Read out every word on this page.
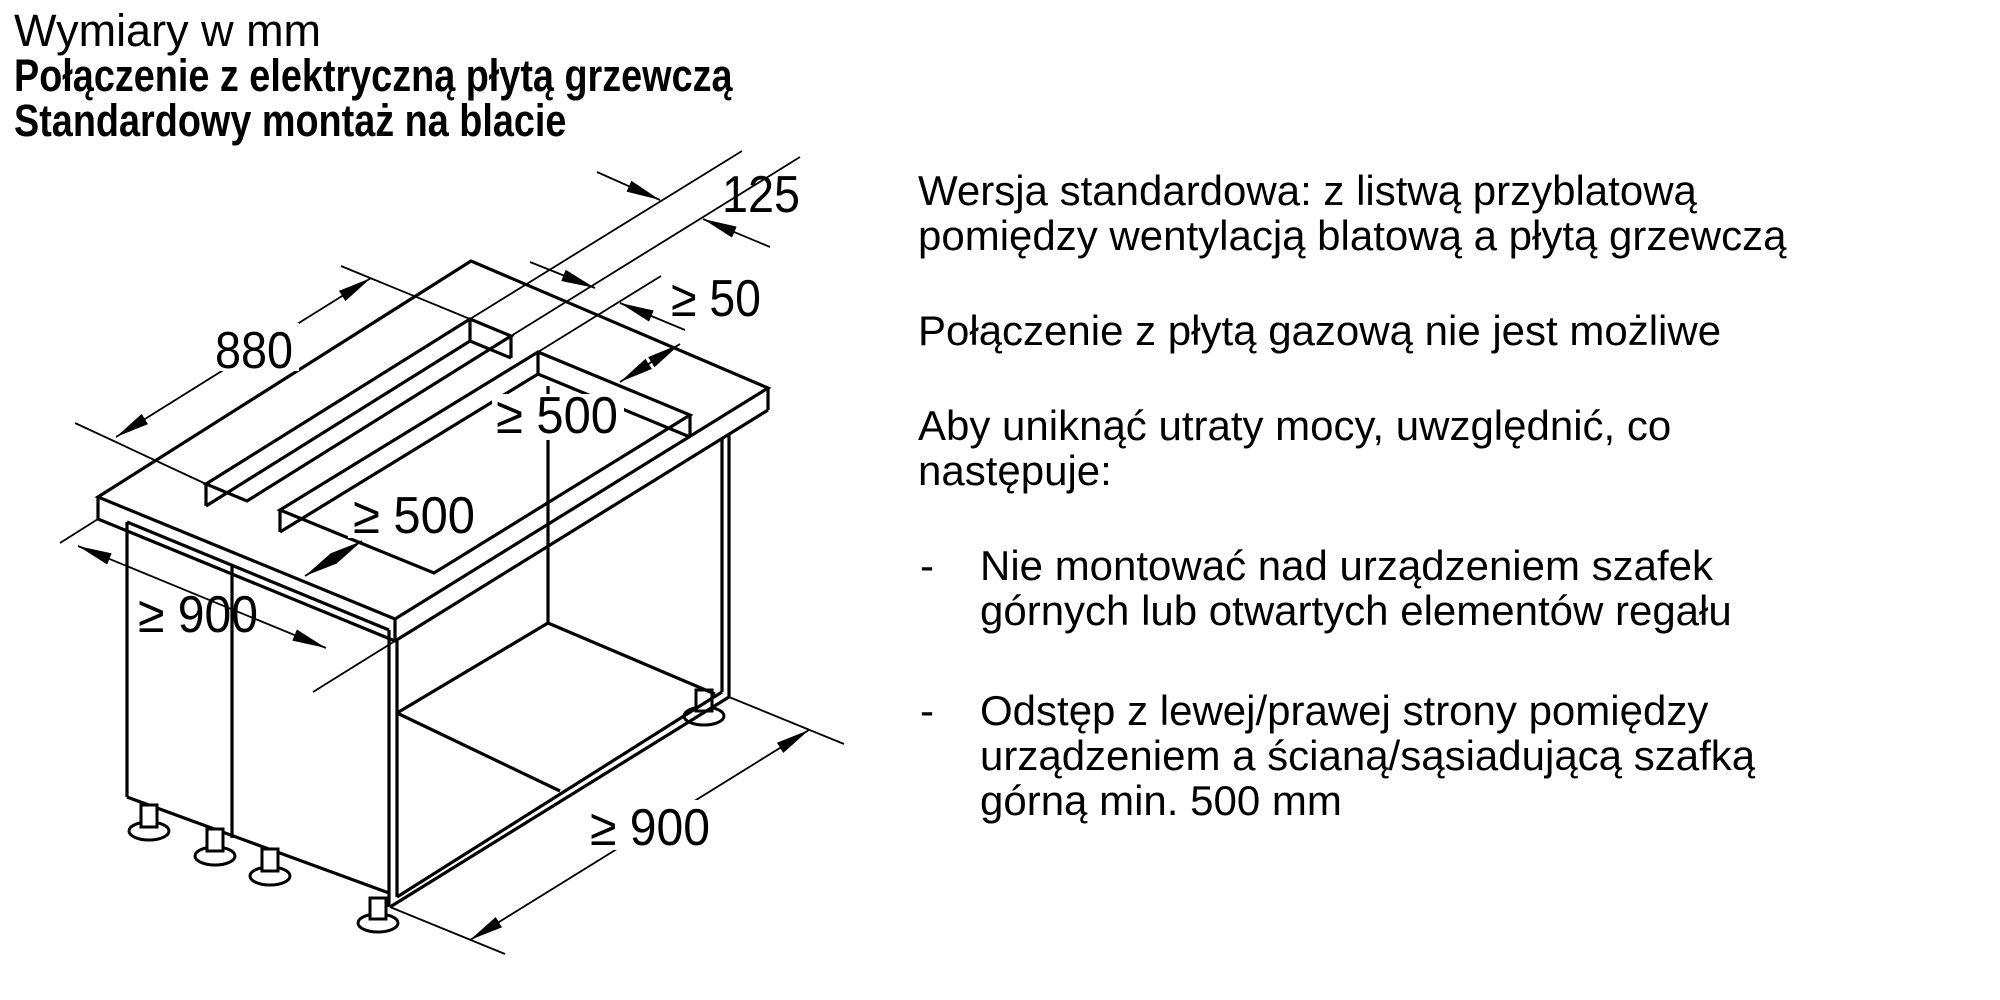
880
125
≥ 50
≥ 500
≥ 500
≥ 900
≥ 900
Wymiary w mm
Połączenie z elektryczną płytą grzewczą
Standardowy montaż na blacie
Wersja standardowa: z listwą przyblatową
pomiędzy wentylacją blatową a płytą grzewczą
Połączenie z płytą gazową nie jest możliwe
Aby uniknąć utraty mocy, uwzględnić, co
następuje:
- Nie montować nad urządzeniem szafek
górnych lub otwartych elementów regału
- Odstęp z lewej/prawej strony pomiędzy
urządzeniem a ścianą/sąsiadującą szafką
górną min. 500 mm
